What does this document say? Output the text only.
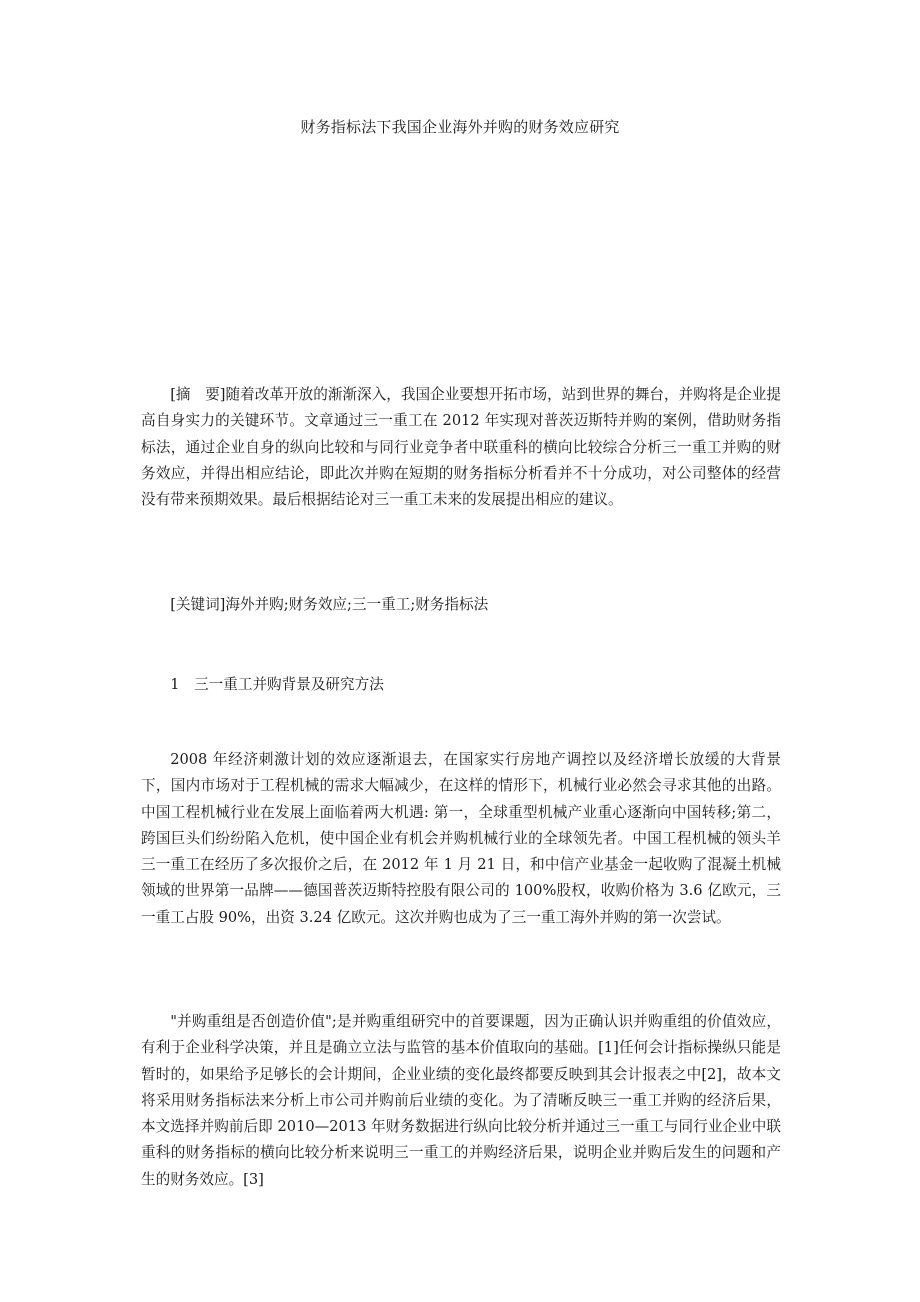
财务指标法下我国企业海外并购的财务效应研究

[摘　要]随着改革开放的渐渐深入，我国企业要想开拓市场，站到世界的舞台，并购将是企业提高自身实力的关键环节。文章通过三一重工在 2012 年实现对普茨迈斯特并购的案例，借助财务指标法，通过企业自身的纵向比较和与同行业竞争者中联重科的横向比较综合分析三一重工并购的财务效应，并得出相应结论，即此次并购在短期的财务指标分析看并不十分成功，对公司整体的经营没有带来预期效果。最后根据结论对三一重工未来的发展提出相应的建议。

[关键词]海外并购;财务效应;三一重工;财务指标法

1　三一重工并购背景及研究方法

2008 年经济刺激计划的效应逐渐退去，在国家实行房地产调控以及经济增长放缓的大背景下，国内市场对于工程机械的需求大幅减少，在这样的情形下，机械行业必然会寻求其他的出路。中国工程机械行业在发展上面临着两大机遇: 第一，全球重型机械产业重心逐渐向中国转移;第二，跨国巨头们纷纷陷入危机，使中国企业有机会并购机械行业的全球领先者。中国工程机械的领头羊三一重工在经历了多次报价之后，在 2012 年 1 月 21 日，和中信产业基金一起收购了混凝土机械领域的世界第一品牌——德国普茨迈斯特控股有限公司的 100%股权，收购价格为 3.6 亿欧元，三一重工占股 90%，出资 3.24 亿欧元。这次并购也成为了三一重工海外并购的第一次尝试。

"并购重组是否创造价值";是并购重组研究中的首要课题，因为正确认识并购重组的价值效应，有利于企业科学决策，并且是确立立法与监管的基本价值取向的基础。[1]任何会计指标操纵只能是暂时的，如果给予足够长的会计期间，企业业绩的变化最终都要反映到其会计报表之中[2]，故本文将采用财务指标法来分析上市公司并购前后业绩的变化。为了清晰反映三一重工并购的经济后果，本文选择并购前后即 2010—2013 年财务数据进行纵向比较分析并通过三一重工与同行业企业中联重科的财务指标的横向比较分析来说明三一重工的并购经济后果，说明企业并购后发生的问题和产生的财务效应。[3]
